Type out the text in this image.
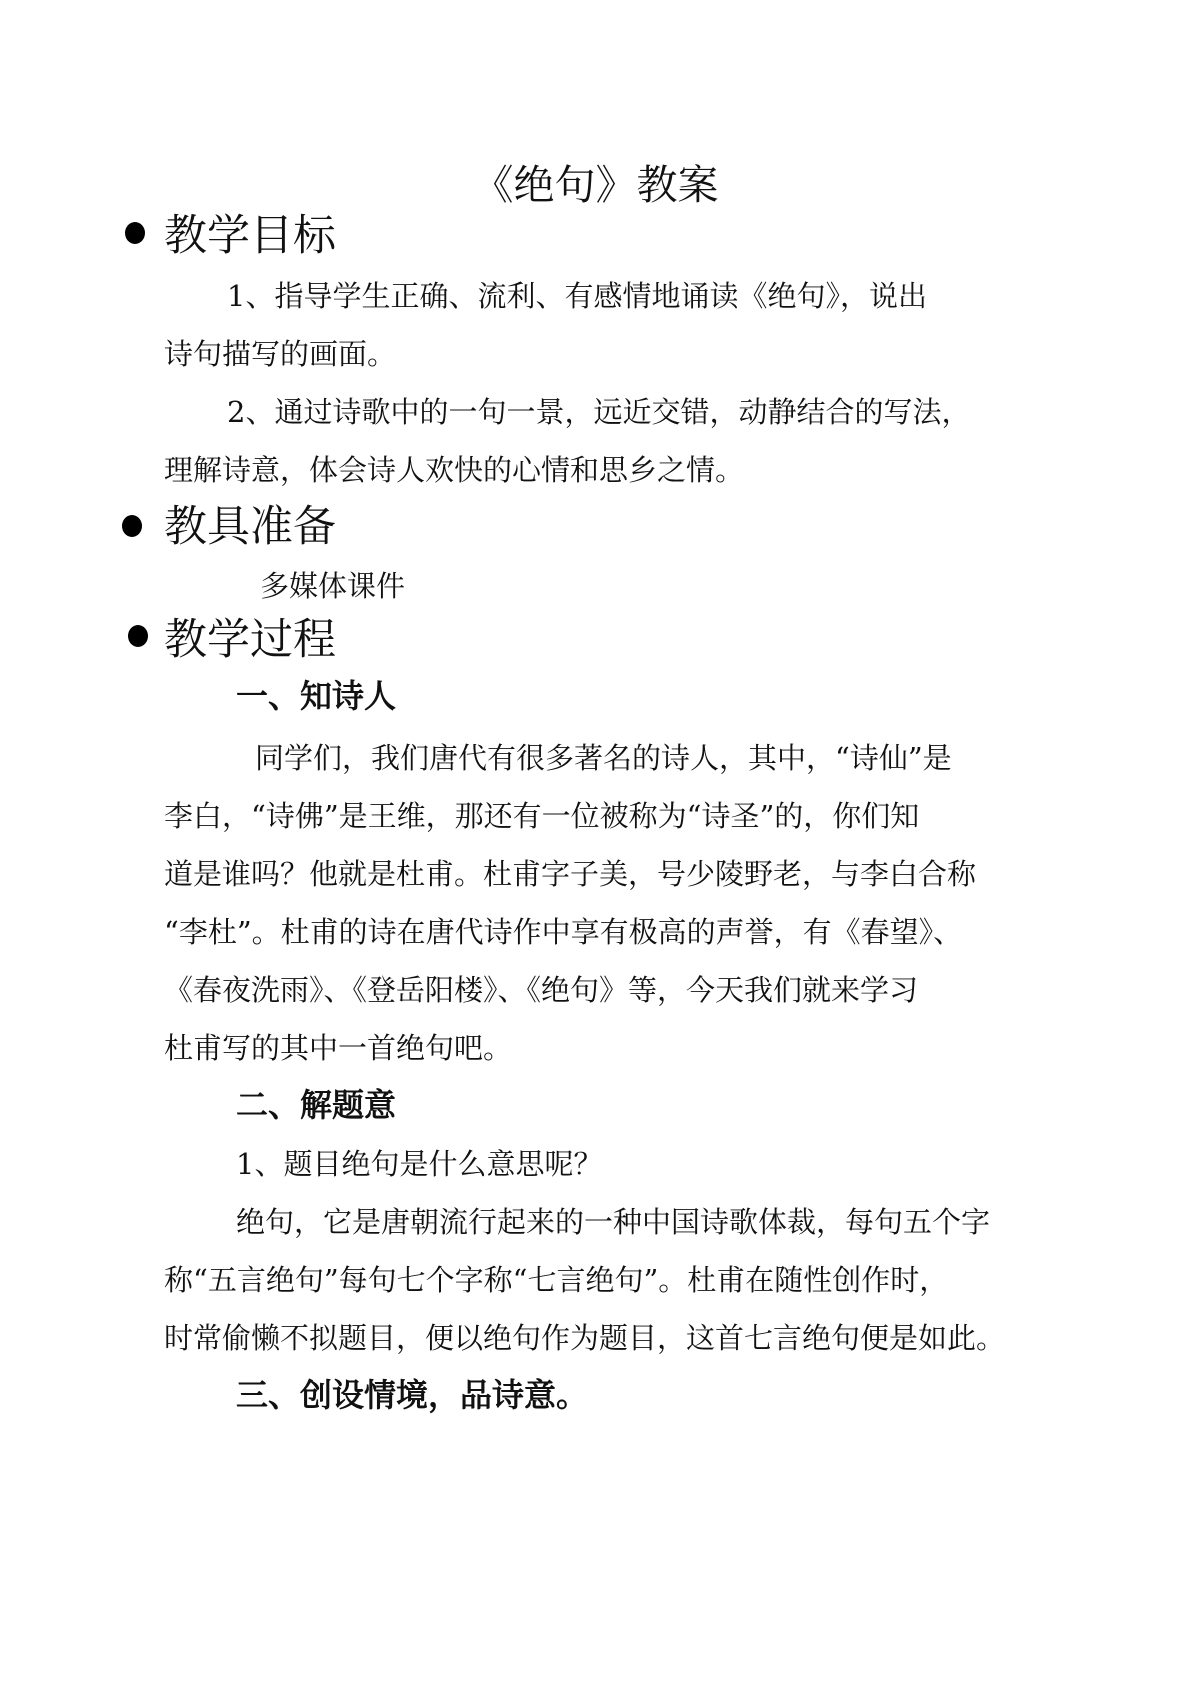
《绝句》教案
教学目标
1、指导学生正确、流利、有感情地诵读《绝句》，说出
诗句描写的画面。
2、通过诗歌中的一句一景，远近交错，动静结合的写法，
理解诗意，体会诗人欢快的心情和思乡之情。
教具准备
多媒体课件
教学过程
一、知诗人
同学们，我们唐代有很多著名的诗人，其中，“诗仙”是
李白，“诗佛”是王维，那还有一位被称为“诗圣”的，你们知
道是谁吗？他就是杜甫。杜甫字子美，号少陵野老，与李白合称
“李杜”。杜甫的诗在唐代诗作中享有极高的声誉，有《春望》、
《春夜洗雨》、《登岳阳楼》、《绝句》等，今天我们就来学习
杜甫写的其中一首绝句吧。
二、解题意
1、题目绝句是什么意思呢？
绝句，它是唐朝流行起来的一种中国诗歌体裁，每句五个字
称“五言绝句”每句七个字称“七言绝句”。杜甫在随性创作时，
时常偷懒不拟题目，便以绝句作为题目，这首七言绝句便是如此。
三、创设情境，品诗意。
